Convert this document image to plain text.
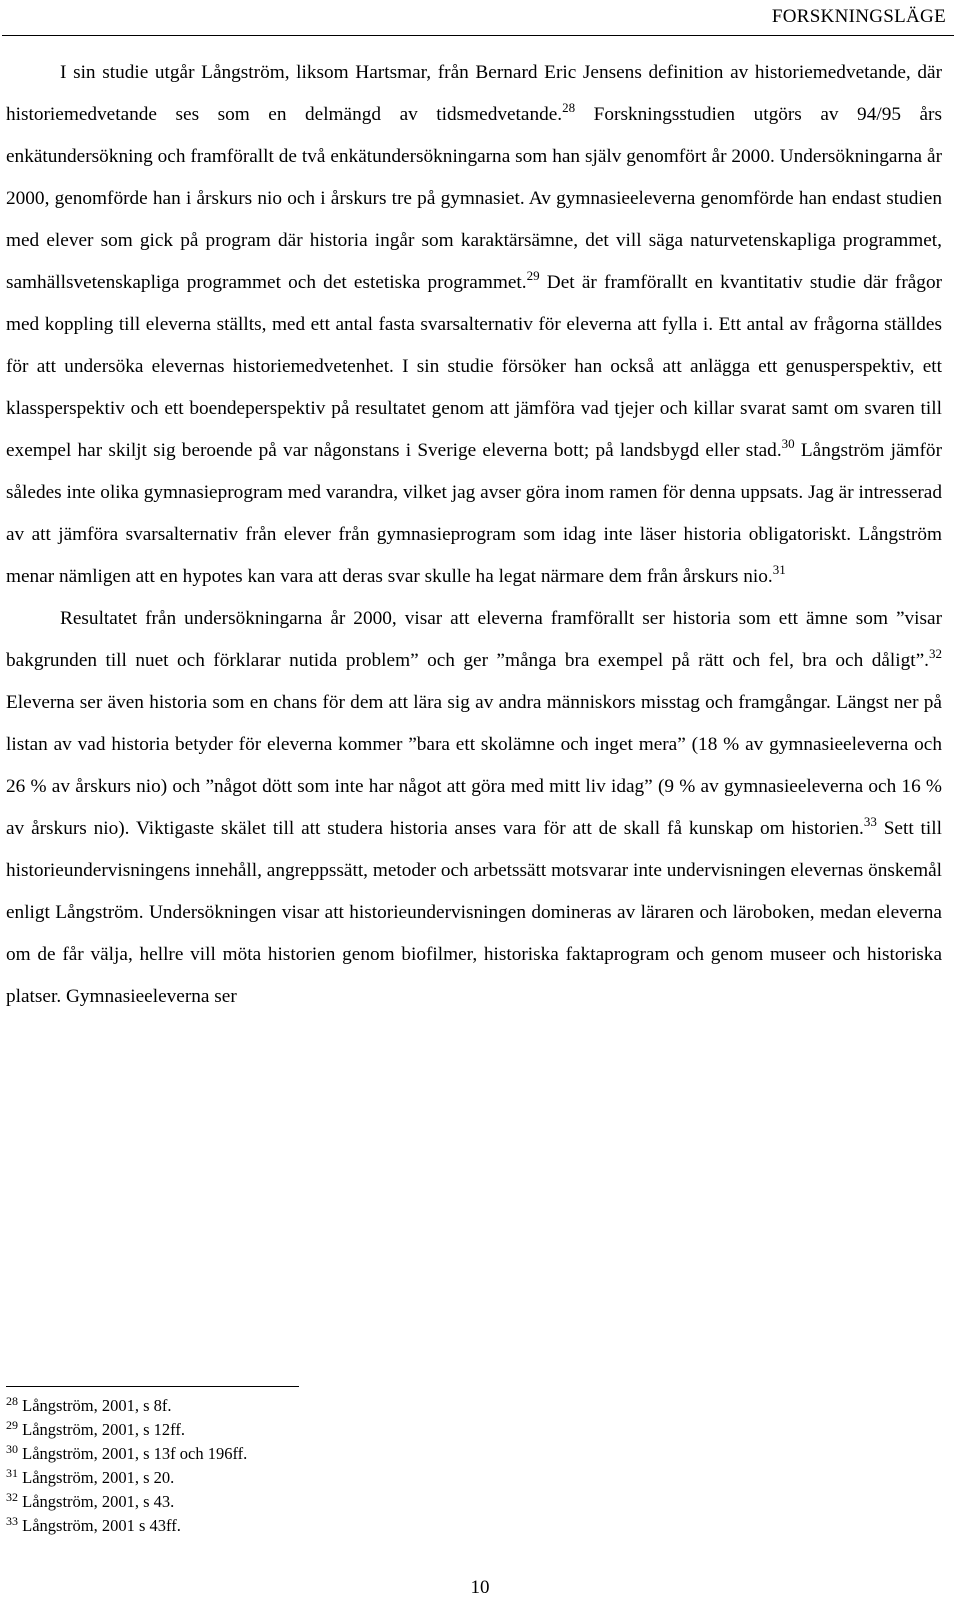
FORSKNINGSLÄGE

I sin studie utgår Långström, liksom Hartsmar, från Bernard Eric Jensens definition av historiemedvetande, där historiemedvetande ses som en delmängd av tidsmedvetande.$^{28}$ Forskningsstudien utgörs av 94/95 års enkätundersökning och framförallt de två enkätundersökningarna som han själv genomfört år 2000. Undersökningarna år 2000, genomförde han i årskurs nio och i årskurs tre på gymnasiet. Av gymnasieeleverna genomförde han endast studien med elever som gick på program där historia ingår som karaktärsämne, det vill säga naturvetenskapliga programmet, samhällsvetenskapliga programmet och det estetiska programmet.$^{29}$ Det är framförallt en kvantitativ studie där frågor med koppling till eleverna ställts, med ett antal fasta svarsalternativ för eleverna att fylla i. Ett antal av frågorna ställdes för att undersöka elevernas historiemedvetenhet. I sin studie försöker han också att anlägga ett genusperspektiv, ett klassperspektiv och ett boendeperspektiv på resultatet genom att jämföra vad tjejer och killar svarat samt om svaren till exempel har skiljt sig beroende på var någonstans i Sverige eleverna bott; på landsbygd eller stad.$^{30}$ Långström jämför således inte olika gymnasieprogram med varandra, vilket jag avser göra inom ramen för denna uppsats. Jag är intresserad av att jämföra svarsalternativ från elever från gymnasieprogram som idag inte läser historia obligatoriskt. Långström menar nämligen att en hypotes kan vara att deras svar skulle ha legat närmare dem från årskurs nio.$^{31}$

Resultatet från undersökningarna år 2000, visar att eleverna framförallt ser historia som ett ämne som ”visar bakgrunden till nuet och förklarar nutida problem” och ger ”många bra exempel på rätt och fel, bra och dåligt”.$^{32}$ Eleverna ser även historia som en chans för dem att lära sig av andra människors misstag och framgångar. Längst ner på listan av vad historia betyder för eleverna kommer ”bara ett skolämne och inget mera” (18 % av gymnasieeleverna och 26 % av årskurs nio) och ”något dött som inte har något att göra med mitt liv idag” (9 % av gymnasieeleverna och 16 % av årskurs nio). Viktigaste skälet till att studera historia anses vara för att de skall få kunskap om historien.$^{33}$ Sett till historieundervisningens innehåll, angreppssätt, metoder och arbetssätt motsvarar inte undervisningen elevernas önskemål enligt Långström. Undersökningen visar att historieundervisningen domineras av läraren och läroboken, medan eleverna om de får välja, hellre vill möta historien genom biofilmer, historiska faktaprogram och genom museer och historiska platser. Gymnasieeleverna ser

$^{28}$ Långström, 2001, s 8f.

$^{29}$ Långström, 2001, s 12ff.

$^{30}$ Långström, 2001, s 13f och 196ff.

$^{31}$ Långström, 2001, s 20.

$^{32}$ Långström, 2001, s 43.

$^{33}$ Långström, 2001 s 43ff.

10
